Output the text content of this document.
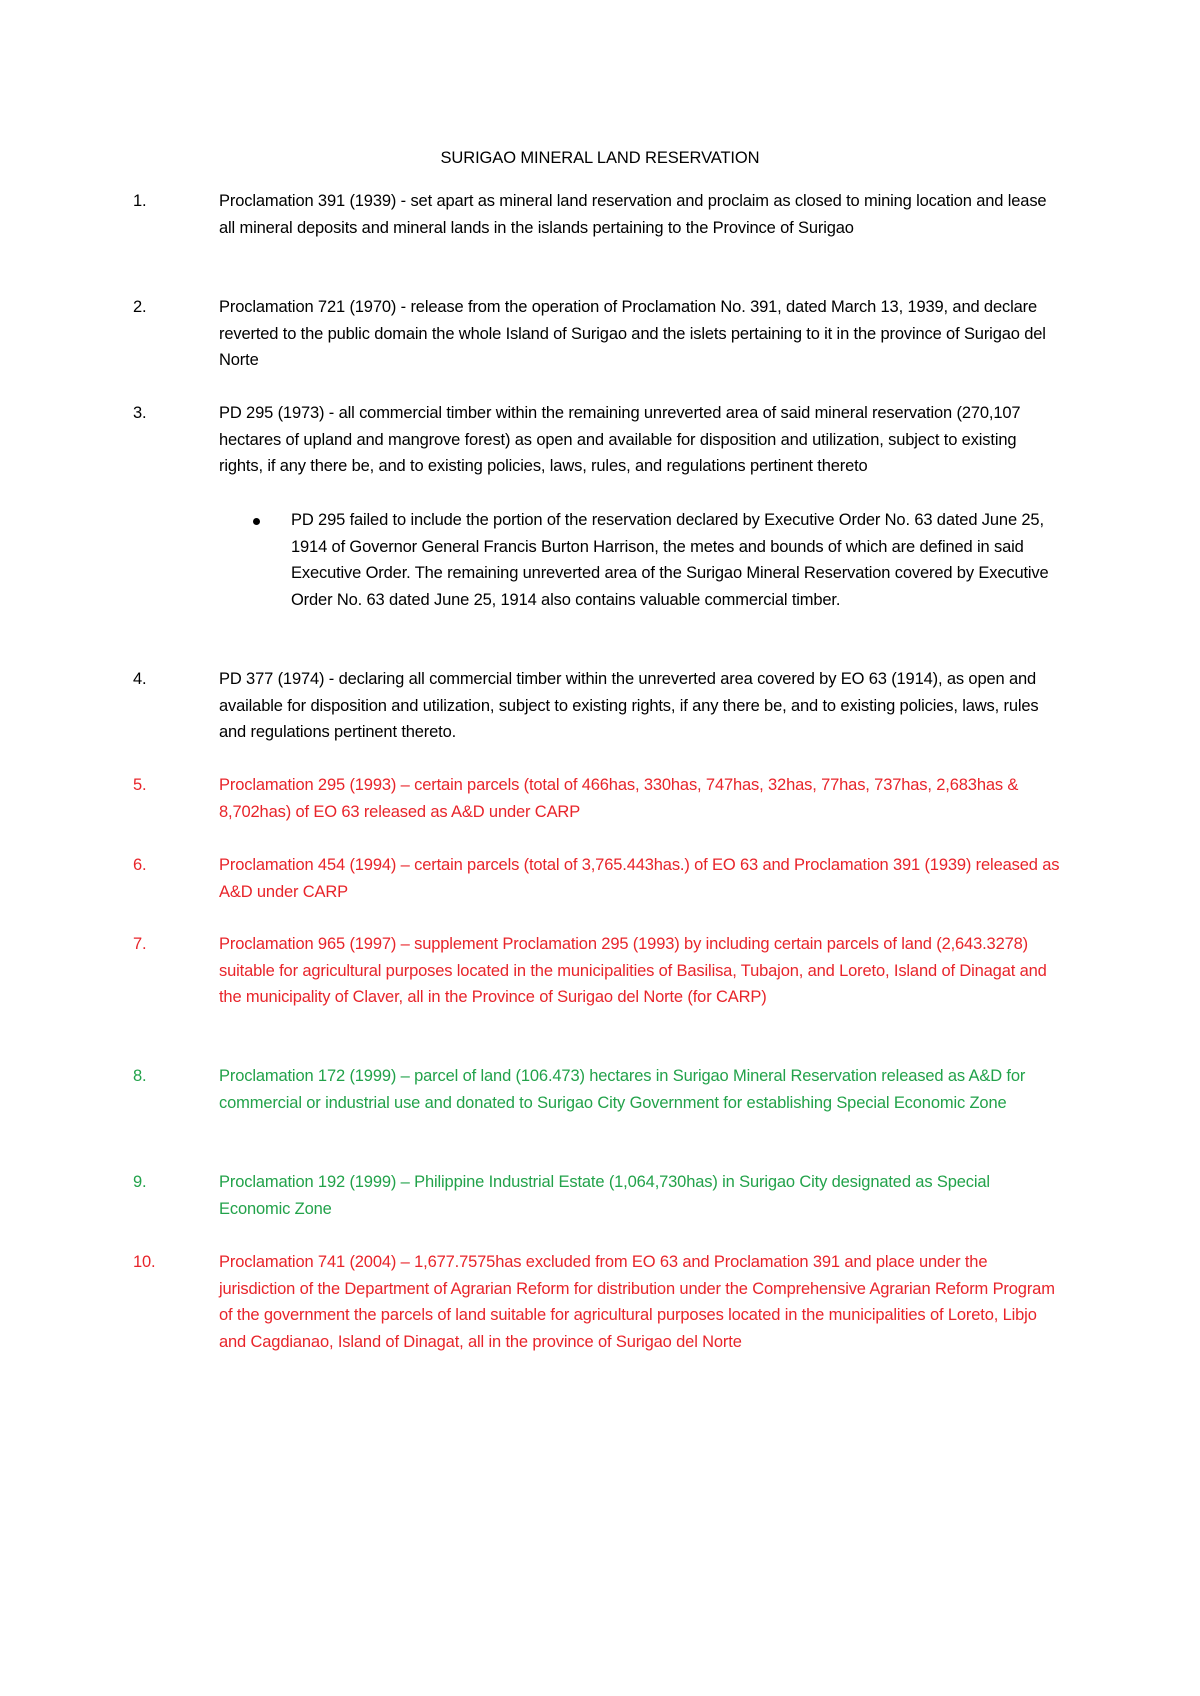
SURIGAO MINERAL LAND RESERVATION
1.	Proclamation 391 (1939) - set apart as mineral land reservation and proclaim as closed to mining location and lease all mineral deposits and mineral lands in the islands pertaining to the Province of Surigao
2.	Proclamation 721 (1970) - release from the operation of Proclamation No. 391, dated March 13, 1939, and declare reverted to the public domain the whole Island of Surigao and the islets pertaining to it in the province of Surigao del Norte
3.	PD 295 (1973) - all commercial timber within the remaining unreverted area of said mineral reservation (270,107 hectares of upland and mangrove forest) as open and available for disposition and utilization, subject to existing rights, if any there be, and to existing policies, laws, rules, and regulations pertinent thereto
PD 295 failed to include the portion of the reservation declared by Executive Order No. 63 dated June 25, 1914 of Governor General Francis Burton Harrison, the metes and bounds of which are defined in said Executive Order. The remaining unreverted area of the Surigao Mineral Reservation covered by Executive Order No. 63 dated June 25, 1914 also contains valuable commercial timber.
4.	PD 377 (1974) - declaring all commercial timber within the unreverted area covered by EO 63 (1914), as open and available for disposition and utilization, subject to existing rights, if any there be, and to existing policies, laws, rules and regulations pertinent thereto.
5.	Proclamation 295 (1993) – certain parcels (total of 466has, 330has, 747has, 32has, 77has, 737has, 2,683has & 8,702has) of EO 63 released as A&D under CARP
6.	Proclamation 454 (1994) – certain parcels (total of 3,765.443has.) of EO 63 and Proclamation 391 (1939) released as A&D under CARP
7.	Proclamation 965 (1997) – supplement Proclamation 295 (1993) by including certain parcels of land (2,643.3278) suitable for agricultural purposes located in the municipalities of Basilisa, Tubajon, and Loreto, Island of Dinagat and the municipality of Claver, all in the Province of Surigao del Norte (for CARP)
8.	Proclamation 172 (1999) – parcel of land (106.473) hectares in Surigao Mineral Reservation released as A&D for commercial or industrial use and donated to Surigao City Government for establishing Special Economic Zone
9.	Proclamation 192 (1999) – Philippine Industrial Estate (1,064,730has) in Surigao City designated as Special Economic Zone
10.	Proclamation 741 (2004) – 1,677.7575has excluded from EO 63 and Proclamation 391 and place under the jurisdiction of the Department of Agrarian Reform for distribution under the Comprehensive Agrarian Reform Program of the government the parcels of land suitable for agricultural purposes located in the municipalities of Loreto, Libjo and Cagdianao, Island of Dinagat, all in the province of Surigao del Norte
